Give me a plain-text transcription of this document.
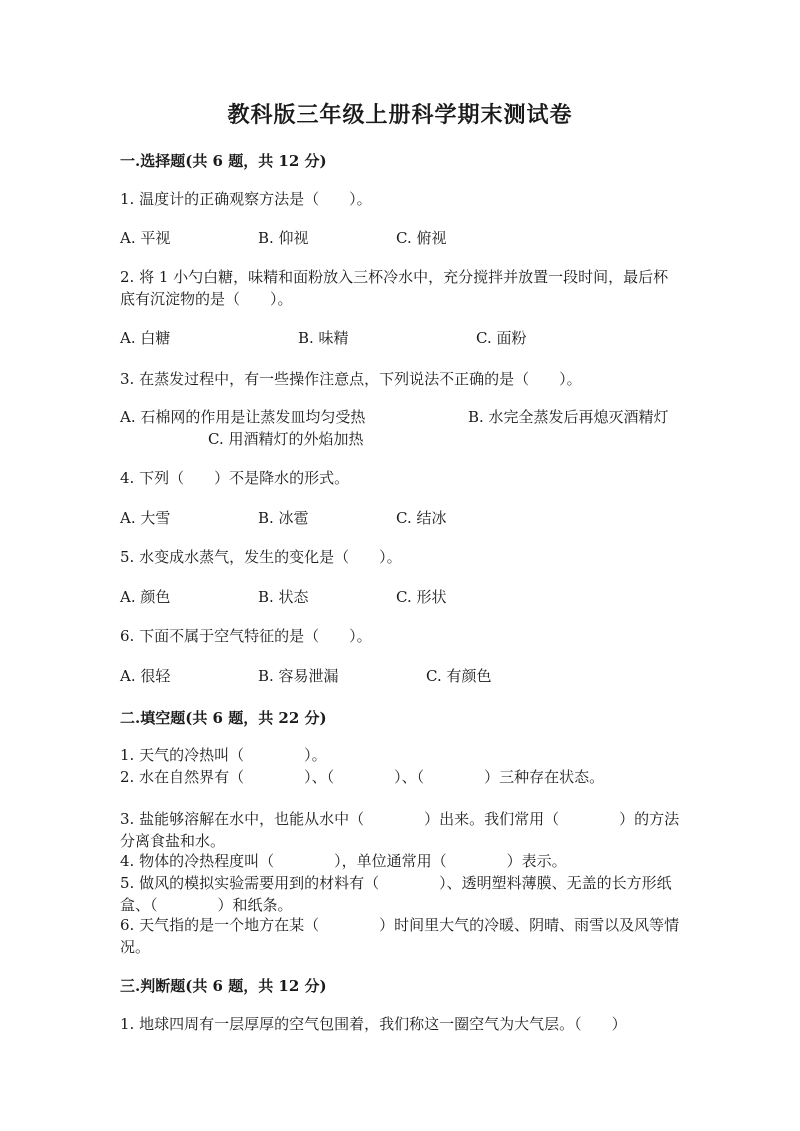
教科版三年级上册科学期末测试卷
一.选择题(共 6 题，共 12 分)
1. 温度计的正确观察方法是（　　）。
A. 平视	B. 仰视	C. 俯视
2. 将 1 小勺白糖，味精和面粉放入三杯冷水中，充分搅拌并放置一段时间，最后杯底有沉淀物的是（　　）。
A. 白糖	B. 味精	C. 面粉
3. 在蒸发过程中，有一些操作注意点，下列说法不正确的是（　　）。
A. 石棉网的作用是让蒸发皿均匀受热	B. 水完全蒸发后再熄灭酒精灯
C. 用酒精灯的外焰加热
4. 下列（　　）不是降水的形式。
A. 大雪	B. 冰雹	C. 结冰
5. 水变成水蒸气，发生的变化是（　　）。
A. 颜色	B. 状态	C. 形状
6. 下面不属于空气特征的是（　　）。
A. 很轻	B. 容易泄漏	C. 有颜色
二.填空题(共 6 题，共 22 分)
1. 天气的冷热叫（　　　　）。
2. 水在自然界有（　　　　）、（　　　　）、（　　　　）三种存在状态。
3. 盐能够溶解在水中，也能从水中（　　　　）出来。我们常用（　　　　）的方法分离食盐和水。
4. 物体的冷热程度叫（　　　　），单位通常用（　　　　）表示。
5. 做风的模拟实验需要用到的材料有（　　　　）、透明塑料薄膜、无盖的长方形纸盒、（　　　　）和纸条。
6. 天气指的是一个地方在某（　　　　）时间里大气的冷暖、阴晴、雨雪以及风等情况。
三.判断题(共 6 题，共 12 分)
1. 地球四周有一层厚厚的空气包围着，我们称这一圈空气为大气层。（　　）
